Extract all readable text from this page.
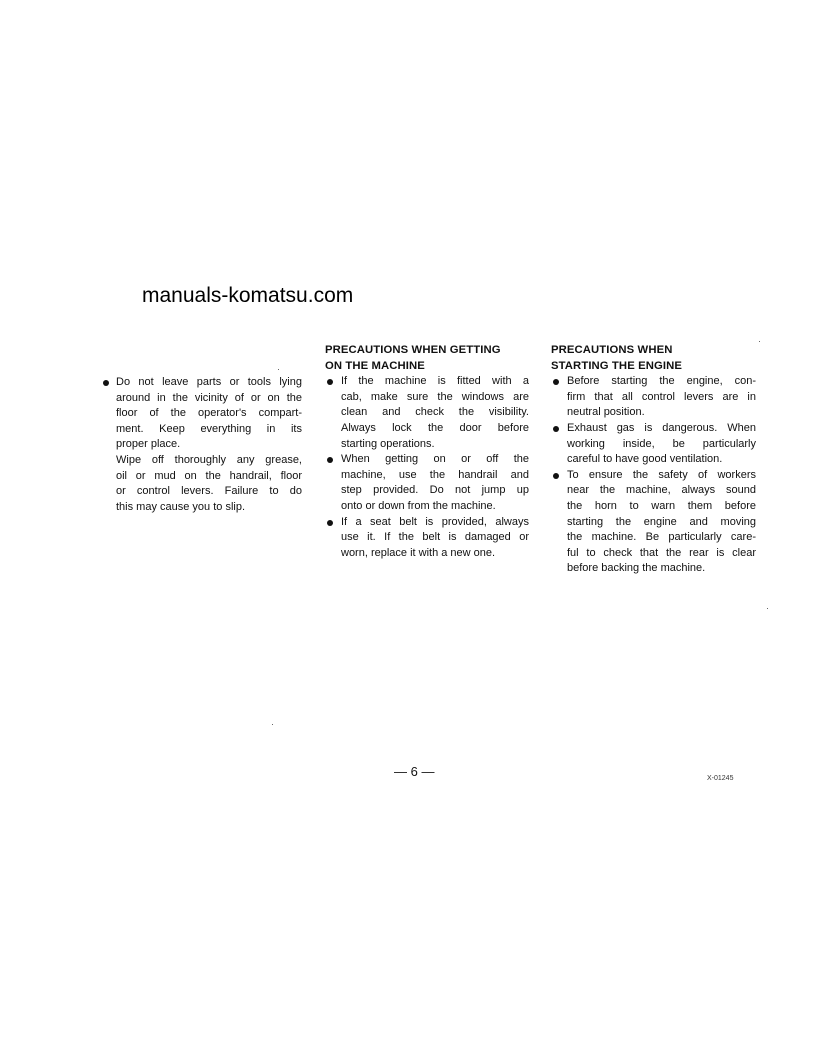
manuals-komatsu.com
Do not leave parts or tools lying
around in the vicinity of or on the
floor of the operator's compart-
ment. Keep everything in its
proper place.
Wipe off thoroughly any grease,
oil or mud on the handrail, floor
or control levers. Failure to do
this may cause you to slip.
PRECAUTIONS WHEN GETTING
ON THE MACHINE
If the machine is fitted with a
cab, make sure the windows are
clean and check the visibility.
Always lock the door before
starting operations.
When getting on or off the
machine, use the handrail and
step provided. Do not jump up
onto or down from the machine.
If a seat belt is provided, always
use it. If the belt is damaged or
worn, replace it with a new one.
PRECAUTIONS WHEN
STARTING THE ENGINE
Before starting the engine, con-
firm that all control levers are in
neutral position.
Exhaust gas is dangerous. When
working inside, be particularly
careful to have good ventilation.
To ensure the safety of workers
near the machine, always sound
the horn to warn them before
starting the engine and moving
the machine. Be particularly care-
ful to check that the rear is clear
before backing the machine.
— 6 —	X-01245
